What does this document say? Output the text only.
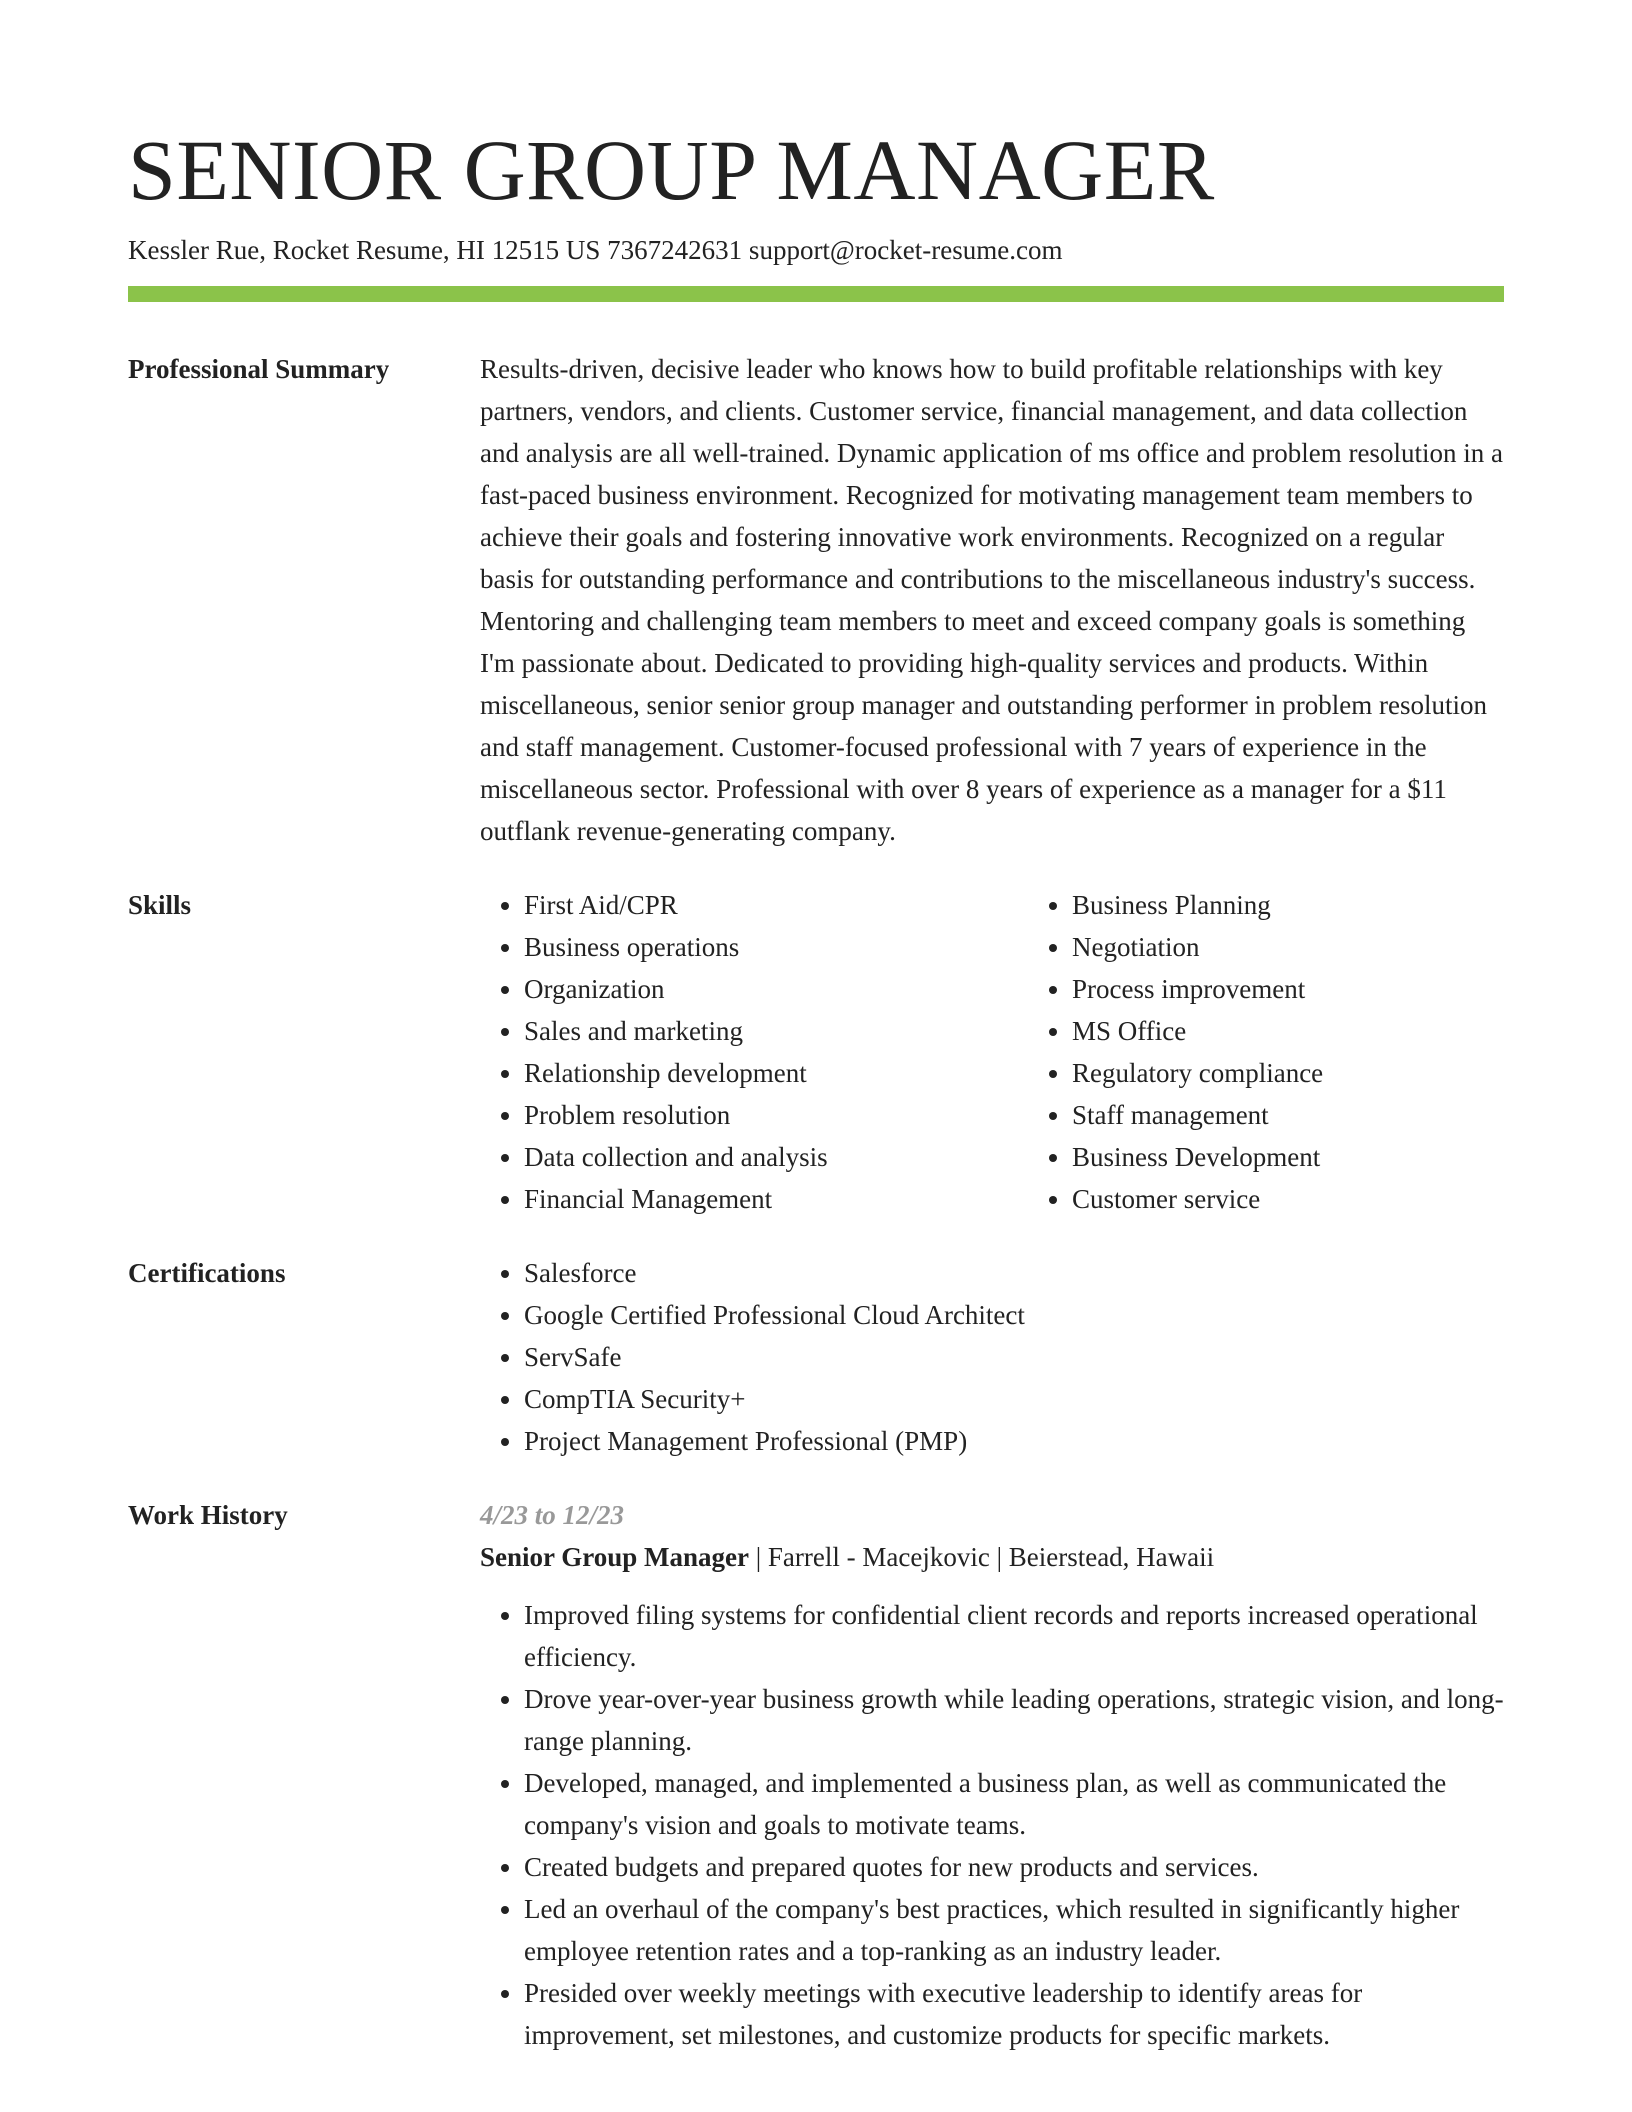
SENIOR GROUP MANAGER
Kessler Rue, Rocket Resume, HI 12515 US 7367242631 support@rocket-resume.com
Professional Summary	Results-driven, decisive leader who knows how to build profitable relationships with key partners, vendors, and clients. Customer service, financial management, and data collection and analysis are all well-trained. Dynamic application of ms office and problem resolution in a fast-paced business environment. Recognized for motivating management team members to achieve their goals and fostering innovative work environments. Recognized on a regular basis for outstanding performance and contributions to the miscellaneous industry's success. Mentoring and challenging team members to meet and exceed company goals is something I'm passionate about. Dedicated to providing high-quality services and products. Within miscellaneous, senior senior group manager and outstanding performer in problem resolution and staff management. Customer-focused professional with 7 years of experience in the miscellaneous sector. Professional with over 8 years of experience as a manager for a $11 outflank revenue-generating company.

Skills	• First Aid/CPR
• Business operations
• Organization
• Sales and marketing
• Relationship development
• Problem resolution
• Data collection and analysis
• Financial Management
• Business Planning
• Negotiation
• Process improvement
• MS Office
• Regulatory compliance
• Staff management
• Business Development
• Customer service
Certifications	• Salesforce
• Google Certified Professional Cloud Architect
• ServSafe
• CompTIA Security+
• Project Management Professional (PMP)
Work History	4/23 to 12/23
Senior Group Manager | Farrell - Macejkovic | Beierstead, Hawaii
• Improved filing systems for confidential client records and reports increased operational efficiency.
• Drove year-over-year business growth while leading operations, strategic vision, and long-range planning.
• Developed, managed, and implemented a business plan, as well as communicated the company's vision and goals to motivate teams.
• Created budgets and prepared quotes for new products and services.
• Led an overhaul of the company's best practices, which resulted in significantly higher employee retention rates and a top-ranking as an industry leader.
• Presided over weekly meetings with executive leadership to identify areas for improvement, set milestones, and customize products for specific markets.
